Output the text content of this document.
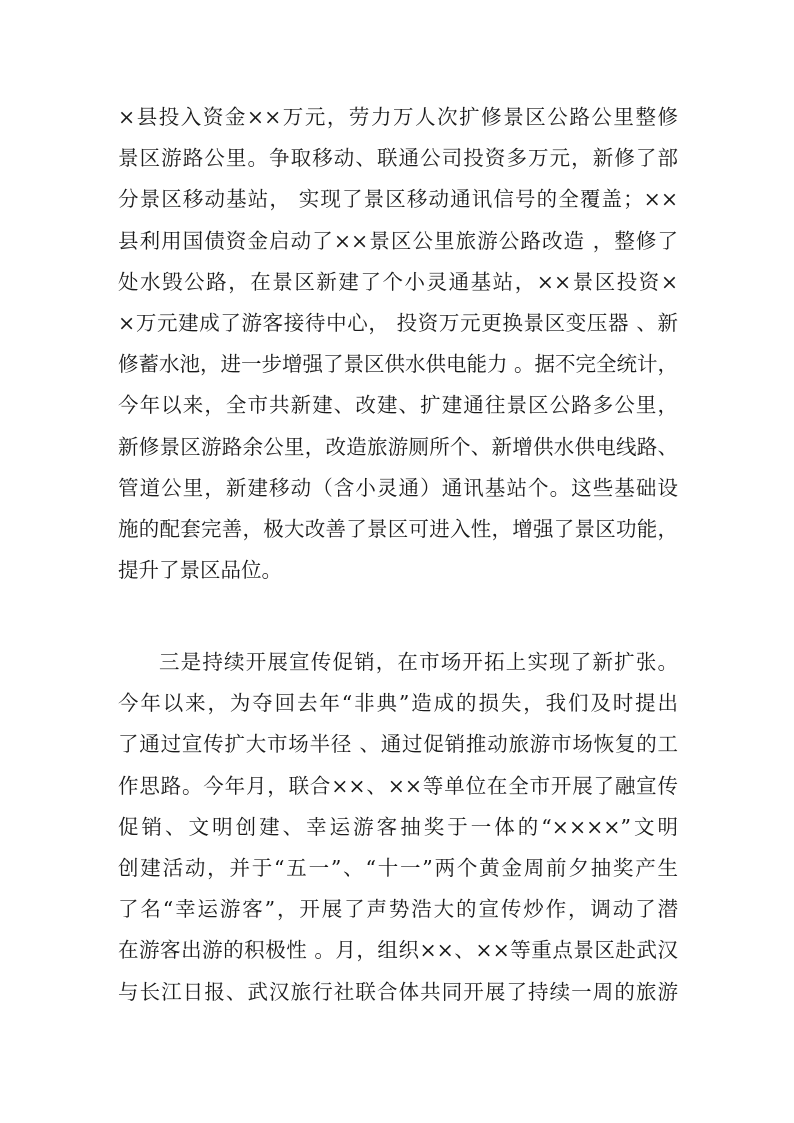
×县投入资金××万元，劳力万人次扩修景区公路公里整修
景区游路公里。争取移动、联通公司投资多万元，新修了部
分景区移动基站， 实现了景区移动通讯信号的全覆盖；××
县利用国债资金启动了××景区公里旅游公路改造 ，整修了
处水毁公路，在景区新建了个小灵通基站，××景区投资×
×万元建成了游客接待中心， 投资万元更换景区变压器 、新
修蓄水池，进一步增强了景区供水供电能力 。据不完全统计，
今年以来，全市共新建、改建、扩建通往景区公路多公里，
新修景区游路余公里，改造旅游厕所个、新增供水供电线路、
管道公里，新建移动（含小灵通）通讯基站个。这些基础设
施的配套完善，极大改善了景区可进入性，增强了景区功能，
提升了景区品位。
三是持续开展宣传促销，在市场开拓上实现了新扩张。
今年以来，为夺回去年“非典”造成的损失，我们及时提出
了通过宣传扩大市场半径 、通过促销推动旅游市场恢复的工
作思路。今年月，联合××、××等单位在全市开展了融宣传
促销、文明创建、幸运游客抽奖于一体的“××××”文明
创建活动，并于“五一”、“十一”两个黄金周前夕抽奖产生
了名“幸运游客”，开展了声势浩大的宣传炒作，调动了潜
在游客出游的积极性 。月，组织××、××等重点景区赴武汉
与长江日报、武汉旅行社联合体共同开展了持续一周的旅游
